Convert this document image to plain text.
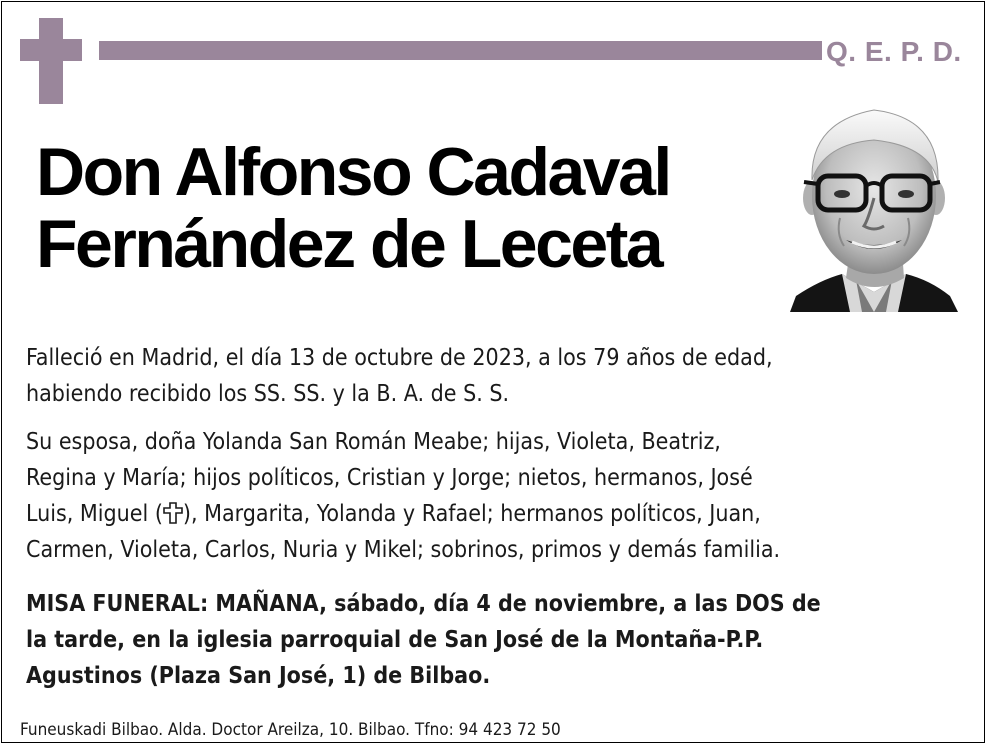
Q. E. P. D.
Don Alfonso Cadaval
Fernández de Leceta
Falleció en Madrid, el día 13 de octubre de 2023, a los 79 años de edad,
habiendo recibido los SS. SS. y la B. A. de S. S.
Su esposa, doña Yolanda San Román Meabe; hijas, Violeta, Beatriz,
Regina y María; hijos políticos, Cristian y Jorge; nietos, hermanos, José
Luis, Miguel ( ), Margarita, Yolanda y Rafael; hermanos políticos, Juan,
Carmen, Violeta, Carlos, Nuria y Mikel; sobrinos, primos y demás familia.
MISA FUNERAL: MAÑANA, sábado, día 4 de noviembre, a las DOS de
la tarde, en la iglesia parroquial de San José de la Montaña-P.P.
Agustinos (Plaza San José, 1) de Bilbao.
Funeuskadi Bilbao. Alda. Doctor Areilza, 10. Bilbao. Tfno: 94 423 72 50
